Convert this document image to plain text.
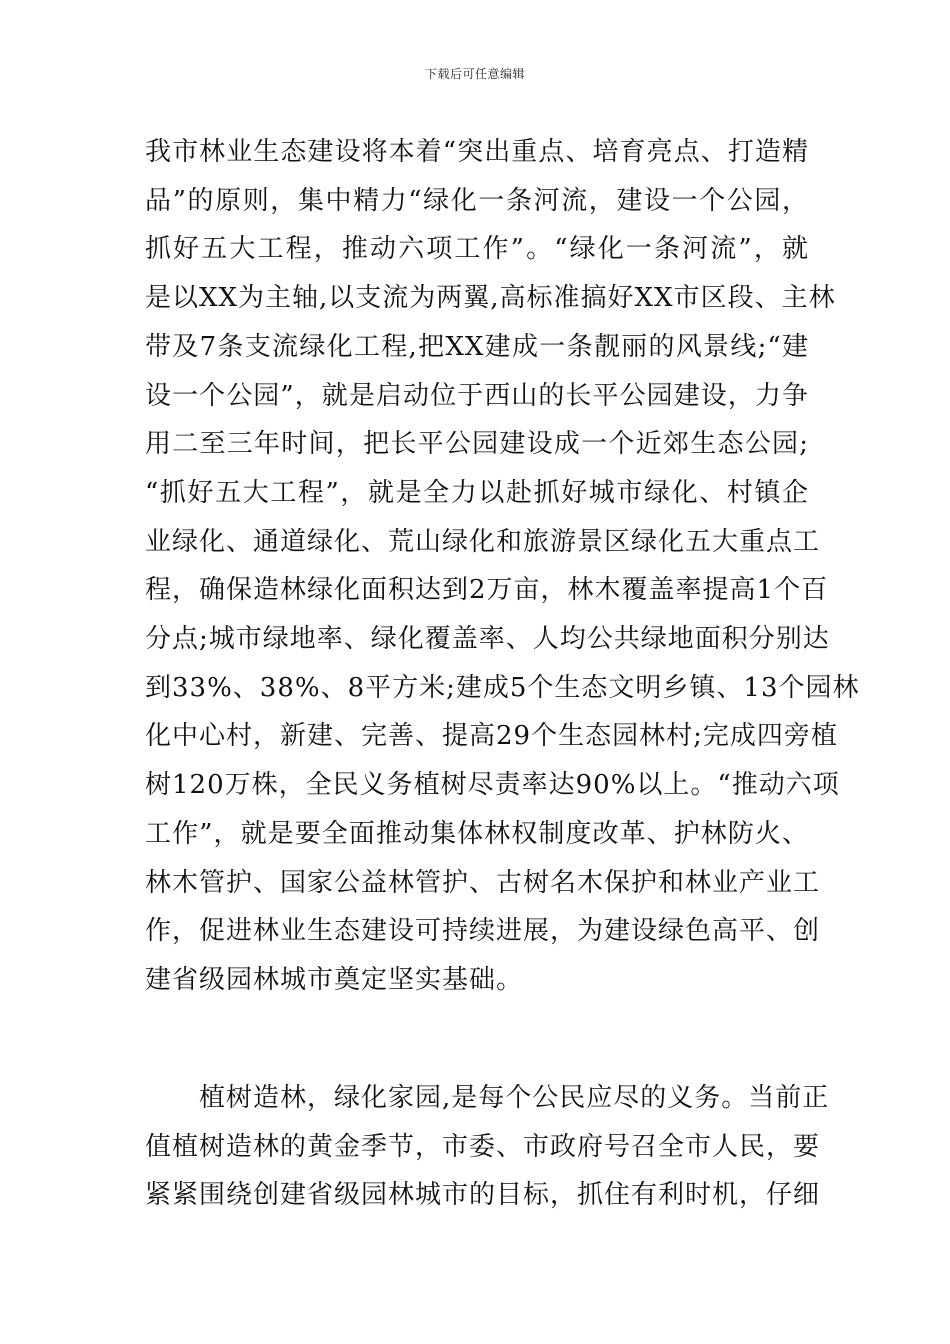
下载后可任意编辑

我市林业生态建设将本着“突出重点、培育亮点、打造精
品”的原则，集中精力“绿化一条河流，建设一个公园，
抓好五大工程，推动六项工作”。“绿化一条河流”，就
是以XX为主轴,以支流为两翼,高标准搞好XX市区段、主林
带及7条支流绿化工程,把XX建成一条靓丽的风景线;“建
设一个公园”，就是启动位于西山的长平公园建设，力争
用二至三年时间，把长平公园建设成一个近郊生态公园;
“抓好五大工程”，就是全力以赴抓好城市绿化、村镇企
业绿化、通道绿化、荒山绿化和旅游景区绿化五大重点工
程，确保造林绿化面积达到2万亩，林木覆盖率提高1个百
分点;城市绿地率、绿化覆盖率、人均公共绿地面积分别达
到33%、38%、8平方米;建成5个生态文明乡镇、13个园林
化中心村，新建、完善、提高29个生态园林村;完成四旁植
树120万株，全民义务植树尽责率达90%以上。“推动六项
工作”，就是要全面推动集体林权制度改革、护林防火、
林木管护、国家公益林管护、古树名木保护和林业产业工
作，促进林业生态建设可持续进展，为建设绿色高平、创
建省级园林城市奠定坚实基础。

　　植树造林，绿化家园,是每个公民应尽的义务。当前正
值植树造林的黄金季节，市委、市政府号召全市人民，要
紧紧围绕创建省级园林城市的目标，抓住有利时机，仔细
